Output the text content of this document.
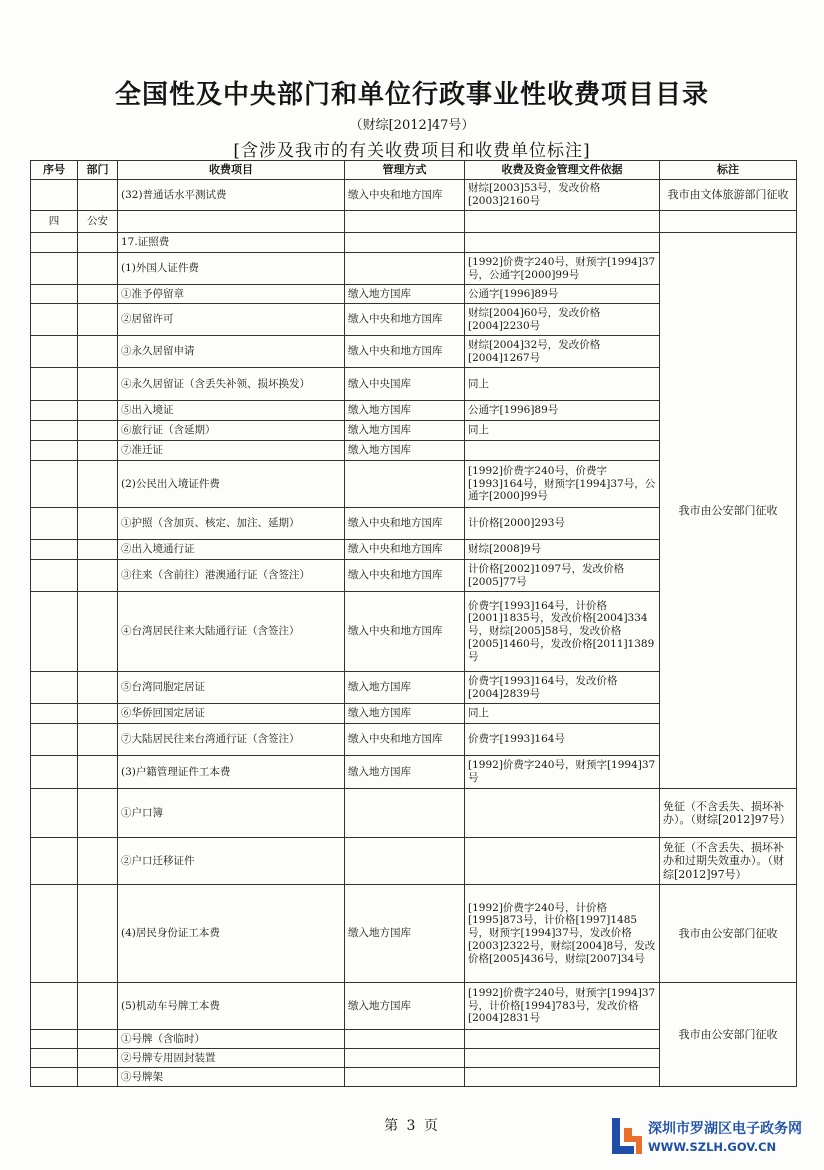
全国性及中央部门和单位行政事业性收费项目目录
（财综[2012]47号）
[含涉及我市的有关收费项目和收费单位标注]
序号	部门	收费项目	管理方式	收费及资金管理文件依据	标注	
		(32)普通话水平测试费	缴入中央和地方国库	财综[2003]53号，发改价格[2003]2160号	我市由文体旅游部门征收	
四	公安					
		17.证照费			我市由公安部门征收	
		(1)外国人证件费		[1992]价费字240号，财预字[1994]37号，公通字[2000]99号		
		①准予停留章	缴入地方国库	公通字[1996]89号		
		②居留许可	缴入中央和地方国库	财综[2004]60号，发改价格[2004]2230号		
		③永久居留申请	缴入中央和地方国库	财综[2004]32号，发改价格[2004]1267号		
		④永久居留证（含丢失补领、损坏换发）	缴入中央国库	同上		
		⑤出入境证	缴入地方国库	公通字[1996]89号		
		⑥旅行证（含延期）	缴入地方国库	同上		
		⑦准迁证	缴入地方国库			
		(2)公民出入境证件费		[1992]价费字240号，价费字[1993]164号，财预字[1994]37号，公通字[2000]99号		
		①护照（含加页、核定、加注、延期）	缴入中央和地方国库	计价格[2000]293号		
		②出入境通行证	缴入中央和地方国库	财综[2008]9号		
		③往来（含前往）港澳通行证（含签注）	缴入中央和地方国库	计价格[2002]1097号，发改价格[2005]77号		
		④台湾居民往来大陆通行证（含签注）	缴入中央和地方国库	价费字[1993]164号，计价格[2001]1835号，发改价格[2004]334号，财综[2005]58号，发改价格[2005]1460号，发改价格[2011]1389号		
		⑤台湾同胞定居证	缴入地方国库	价费字[1993]164号，发改价格[2004]2839号		
		⑥华侨回国定居证	缴入地方国库	同上		
		⑦大陆居民往来台湾通行证（含签注）	缴入中央和地方国库	价费字[1993]164号		
		(3)户籍管理证件工本费	缴入地方国库	[1992]价费字240号，财预字[1994]37号		
		①户口簿			免征（不含丢失、损坏补办）。（财综[2012]97号）	
		②户口迁移证件			免征（不含丢失、损坏补办和过期失效重办）。（财综[2012]97号）	
		(4)居民身份证工本费	缴入地方国库	[1992]价费字240号，计价格[1995]873号，计价格[1997]1485号，财预字[1994]37号，发改价格[2003]2322号，财综[2004]8号，发改价格[2005]436号，财综[2007]34号	我市由公安部门征收	
		(5)机动车号牌工本费	缴入地方国库	[1992]价费字240号，财预字[1994]37号，计价格[1994]783号，发改价格[2004]2831号	我市由公安部门征收	
		①号牌（含临时）				
		②号牌专用固封装置				
		③号牌架				
第 3 页	深圳市罗湖区电子政务网
WWW.SZLH.GOV.CN
